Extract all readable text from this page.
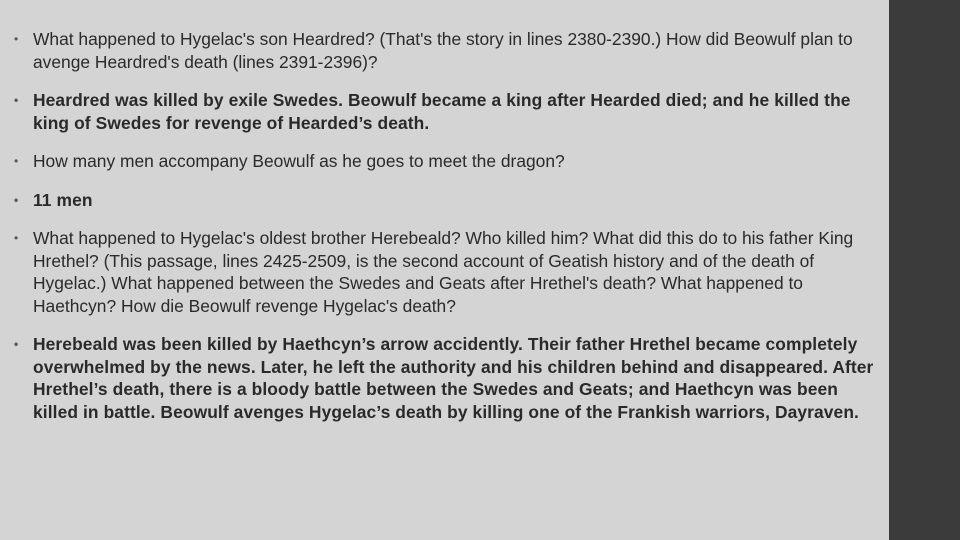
• What happened to Hygelac's son Heardred? (That's the story in lines 2380-2390.) How did Beowulf plan to avenge Heardred's death (lines 2391-2396)?
• Heardred was killed by exile Swedes. Beowulf became a king after Hearded died; and he killed the king of Swedes for revenge of Hearded’s death.
• How many men accompany Beowulf as he goes to meet the dragon?
• 11 men
• What happened to Hygelac's oldest brother Herebeald? Who killed him? What did this do to his father King Hrethel? (This passage, lines 2425-2509, is the second account of Geatish history and of the death of Hygelac.) What happened between the Swedes and Geats after Hrethel's death? What happened to Haethcyn? How die Beowulf revenge Hygelac's death?
• Herebeald was been killed by Haethcyn’s arrow accidently. Their father Hrethel became completely overwhelmed by the news. Later, he left the authority and his children behind and disappeared. After Hrethel’s death, there is a bloody battle between the Swedes and Geats; and Haethcyn was been killed in battle. Beowulf avenges Hygelac’s death by killing one of the Frankish warriors, Dayraven.
